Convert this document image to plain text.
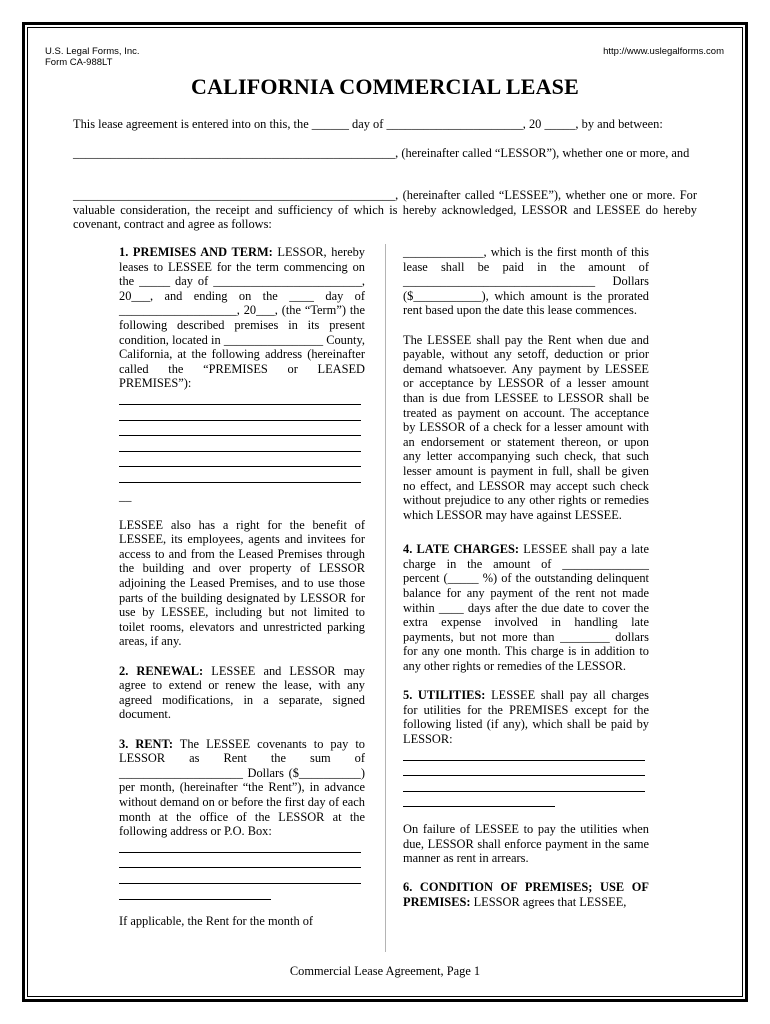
U.S. Legal Forms, Inc.
Form CA-988LT
http://www.uslegalforms.com
CALIFORNIA COMMERCIAL LEASE
This lease agreement is entered into on this, the ______ day of ______________________, 20 _____, by and between:
____________________________________________________, (hereinafter called “LESSOR”), whether one or more, and
____________________________________________________, (hereinafter called “LESSEE”), whether one or more. For valuable consideration, the receipt and sufficiency of which is hereby acknowledged, LESSOR and LESSEE do hereby covenant, contract and agree as follows:

1. PREMISES AND TERM: LESSOR, hereby leases to LESSEE for the term commencing on the _____ day of ________________________, 20___, and ending on the ____ day of ___________________, 20___, (the “Term”) the following described premises in its present condition, located in ________________ County, California, at the following address (hereinafter called the “PREMISES or LEASED PREMISES”):

__

LESSEE also has a right for the benefit of LESSEE, its employees, agents and invitees for access to and from the Leased Premises through the building and over property of LESSOR adjoining the Leased Premises, and to use those parts of the building designated by LESSOR for use by LESSEE, including but not limited to toilet rooms, elevators and unrestricted parking areas, if any.

2. RENEWAL: LESSEE and LESSOR may agree to extend or renew the lease, with any agreed modifications, in a separate, signed document.

3. RENT: The LESSEE covenants to pay to LESSOR as Rent the sum of ____________________ Dollars ($__________) per month, (hereinafter “the Rent”), in advance without demand on or before the first day of each month at the office of the LESSOR at the following address or P.O. Box:

If applicable, the Rent for the month of

_____________, which is the first month of this lease shall be paid in the amount of _______________________________ Dollars ($___________), which amount is the prorated rent based upon the date this lease commences.

The LESSEE shall pay the Rent when due and payable, without any setoff, deduction or prior demand whatsoever. Any payment by LESSEE or acceptance by LESSOR of a lesser amount than is due from LESSEE to LESSOR shall be treated as payment on account. The acceptance by LESSOR of a check for a lesser amount with an endorsement or statement thereon, or upon any letter accompanying such check, that such lesser amount is payment in full, shall be given no effect, and LESSOR may accept such check without prejudice to any other rights or remedies which LESSOR may have against LESSEE.

4. LATE CHARGES: LESSEE shall pay a late charge in the amount of ______________ percent (_____ %) of the outstanding delinquent balance for any payment of the rent not made within ____ days after the due date to cover the extra expense involved in handling late payments, but not more than ________ dollars for any one month. This charge is in addition to any other rights or remedies of the LESSOR.

5. UTILITIES: LESSEE shall pay all charges for utilities for the PREMISES except for the following listed (if any), which shall be paid by LESSOR:

On failure of LESSEE to pay the utilities when due, LESSOR shall enforce payment in the same manner as rent in arrears.

6. CONDITION OF PREMISES; USE OF PREMISES: LESSOR agrees that LESSEE,

Commercial Lease Agreement, Page 1
